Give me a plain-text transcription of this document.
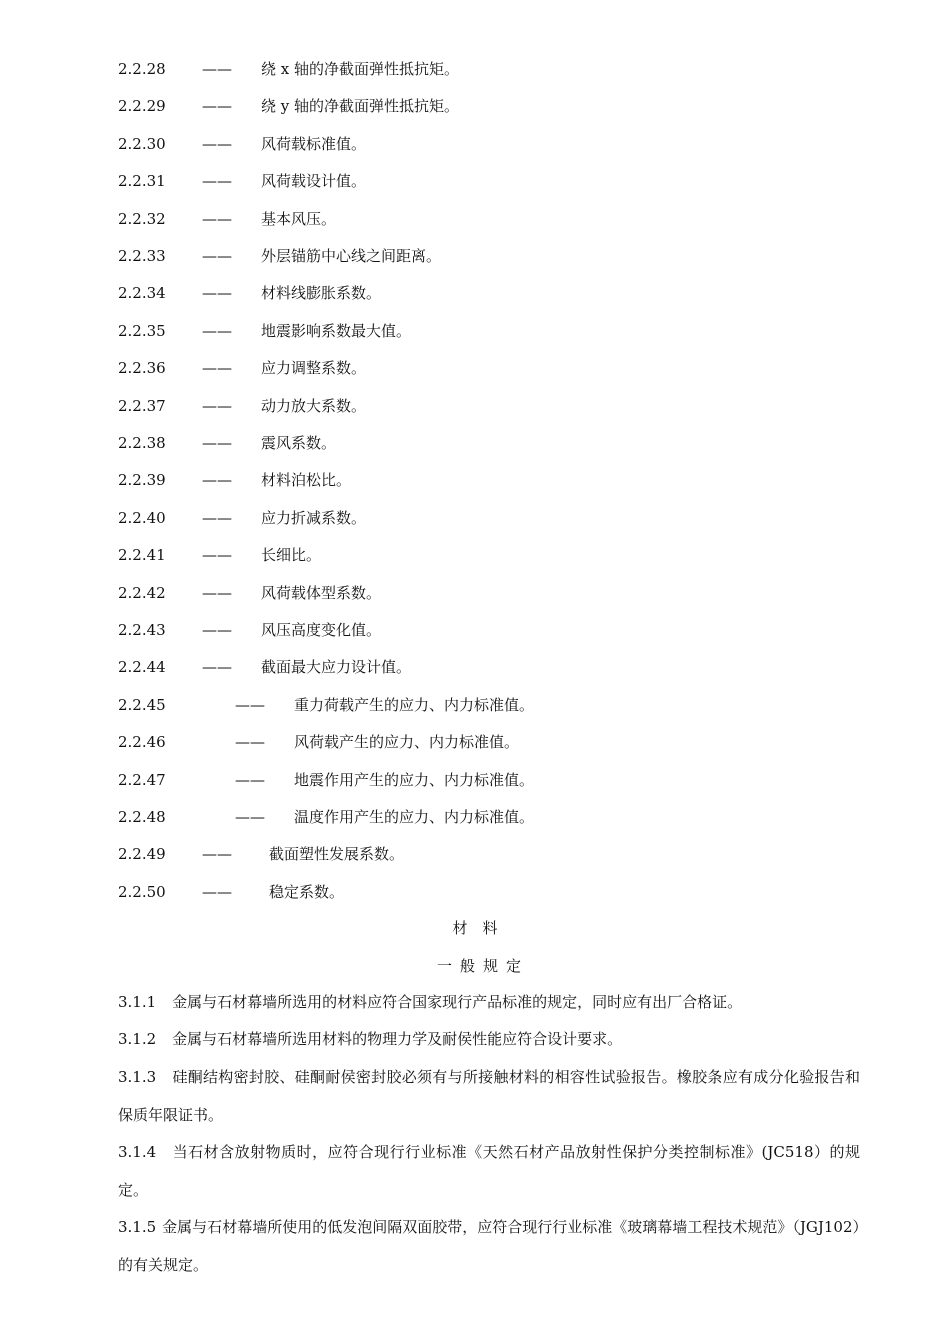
2.2.28 —— 绕 x 轴的净截面弹性抵抗矩。
2.2.29 —— 绕 y 轴的净截面弹性抵抗矩。
2.2.30 —— 风荷载标准值。
2.2.31 —— 风荷载设计值。
2.2.32 —— 基本风压。
2.2.33 —— 外层锚筋中心线之间距离。
2.2.34 —— 材料线膨胀系数。
2.2.35 —— 地震影响系数最大值。
2.2.36 —— 应力调整系数。
2.2.37 —— 动力放大系数。
2.2.38 —— 震风系数。
2.2.39 —— 材料泊松比。
2.2.40 —— 应力折减系数。
2.2.41 —— 长细比。
2.2.42 —— 风荷载体型系数。
2.2.43 —— 风压高度变化值。
2.2.44 —— 截面最大应力设计值。
2.2.45	—— 重力荷载产生的应力、内力标准值。
2.2.46	—— 风荷载产生的应力、内力标准值。
2.2.47	—— 地震作用产生的应力、内力标准值。
2.2.48	—— 温度作用产生的应力、内力标准值。
2.2.49 —— 截面塑性发展系数。
2.2.50 —— 稳定系数。
材　料
一般规定
3.1.1 金属与石材幕墙所选用的材料应符合国家现行产品标准的规定，同时应有出厂合格证。
3.1.2 金属与石材幕墙所选用材料的物理力学及耐侯性能应符合设计要求。
3.1.3 硅酮结构密封胶、硅酮耐侯密封胶必须有与所接触材料的相容性试验报告。橡胶条应有成分化验报告和保质年限证书。
3.1.4 当石材含放射物质时，应符合现行行业标准《天然石材产品放射性保护分类控制标准》(JC518）的规定。
3.1.5 金属与石材幕墙所使用的低发泡间隔双面胶带，应符合现行行业标准《玻璃幕墙工程技术规范》（JGJ102）的有关规定。
